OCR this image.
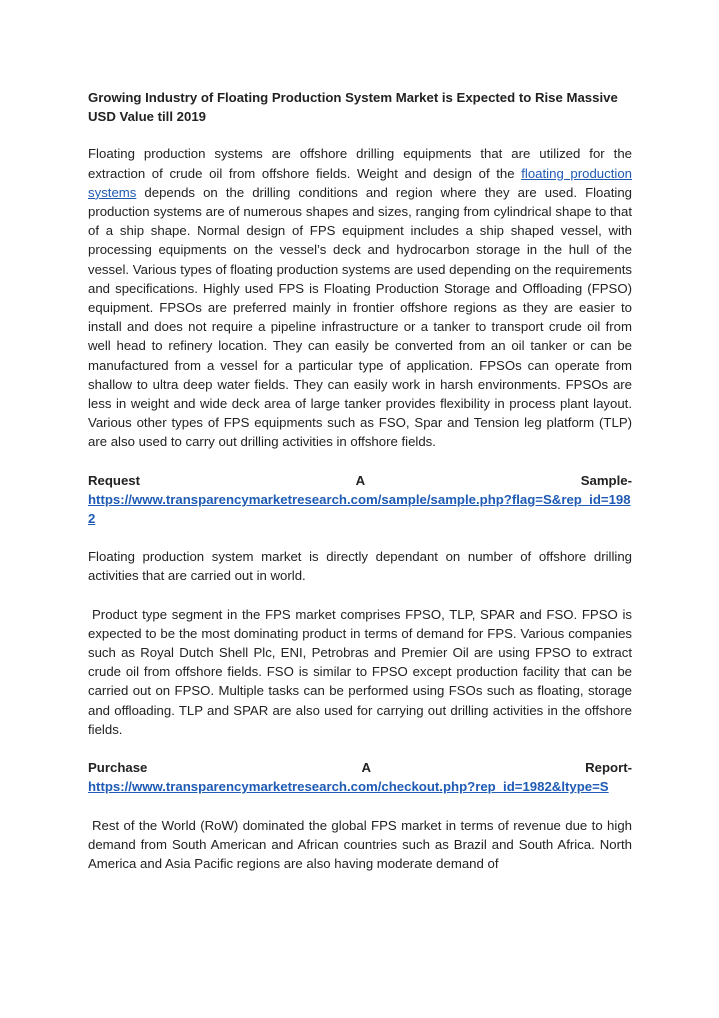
Growing Industry of Floating Production System Market is Expected to Rise Massive USD Value till 2019

Floating production systems are offshore drilling equipments that are utilized for the extraction of crude oil from offshore fields. Weight and design of the floating production systems depends on the drilling conditions and region where they are used. Floating production systems are of numerous shapes and sizes, ranging from cylindrical shape to that of a ship shape. Normal design of FPS equipment includes a ship shaped vessel, with processing equipments on the vessel’s deck and hydrocarbon storage in the hull of the vessel. Various types of floating production systems are used depending on the requirements and specifications. Highly used FPS is Floating Production Storage and Offloading (FPSO) equipment. FPSOs are preferred mainly in frontier offshore regions as they are easier to install and does not require a pipeline infrastructure or a tanker to transport crude oil from well head to refinery location. They can easily be converted from an oil tanker or can be manufactured from a vessel for a particular type of application. FPSOs can operate from shallow to ultra deep water fields. They can easily work in harsh environments. FPSOs are less in weight and wide deck area of large tanker provides flexibility in process plant layout. Various other types of FPS equipments such as FSO, Spar and Tension leg platform (TLP) are also used to carry out drilling activities in offshore fields.

Request	A	Sample-
https://www.transparencymarketresearch.com/sample/sample.php?flag=S&rep_id=1982

Floating production system market is directly dependant on number of offshore drilling activities that are carried out in world.

Product type segment in the FPS market comprises FPSO, TLP, SPAR and FSO. FPSO is expected to be the most dominating product in terms of demand for FPS. Various companies such as Royal Dutch Shell Plc, ENI, Petrobras and Premier Oil are using FPSO to extract crude oil from offshore fields. FSO is similar to FPSO except production facility that can be carried out on FPSO. Multiple tasks can be performed using FSOs such as floating, storage and offloading. TLP and SPAR are also used for carrying out drilling activities in the offshore fields.

Purchase	A	Report-
https://www.transparencymarketresearch.com/checkout.php?rep_id=1982&ltype=S

Rest of the World (RoW) dominated the global FPS market in terms of revenue due to high demand from South American and African countries such as Brazil and South Africa. North America and Asia Pacific regions are also having moderate demand of
